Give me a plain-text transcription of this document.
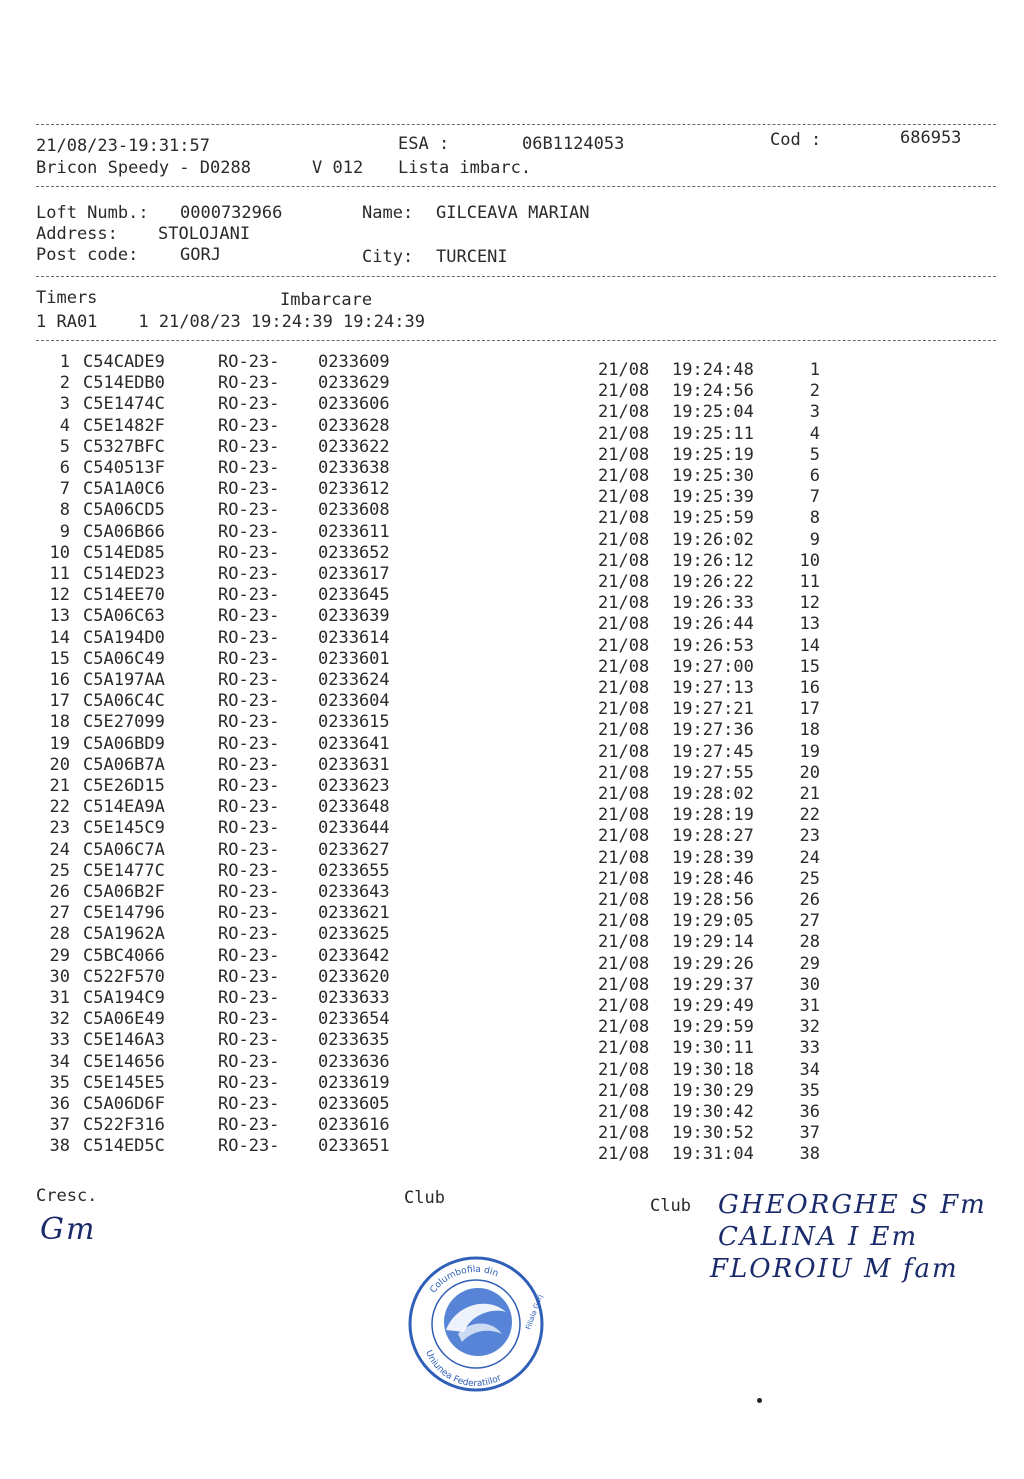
21/08/23-19:31:57	ESA :	06B1124053	Cod :	686953
Bricon Speedy - D0288	V 012 Lista imbarc.
Loft Numb.: 0000732966	Name: GILCEAVA MARIAN
Address: STOLOJANI
Post code: GORJ	City: TURCENI
Timers	Imbarcare
1 RA01    1 21/08/23 19:24:39 19:24:39
1 C54CADE9	RO-23- 0233609	21/08 19:24:48	1
2 C514EDB0	RO-23- 0233629	21/08 19:24:56	2
3 C5E1474C	RO-23- 0233606	21/08 19:25:04	3
4 C5E1482F	RO-23- 0233628	21/08 19:25:11	4
5 C5327BFC	RO-23- 0233622	21/08 19:25:19	5
6 C540513F	RO-23- 0233638	21/08 19:25:30	6
7 C5A1A0C6	RO-23- 0233612	21/08 19:25:39	7
8 C5A06CD5	RO-23- 0233608	21/08 19:25:59	8
9 C5A06B66	RO-23- 0233611	21/08 19:26:02	9
10 C514ED85	RO-23- 0233652	21/08 19:26:12	10
11 C514ED23	RO-23- 0233617	21/08 19:26:22	11
12 C514EE70	RO-23- 0233645	21/08 19:26:33	12
13 C5A06C63	RO-23- 0233639	21/08 19:26:44	13
14 C5A194D0	RO-23- 0233614	21/08 19:26:53	14
15 C5A06C49	RO-23- 0233601	21/08 19:27:00	15
16 C5A197AA	RO-23- 0233624	21/08 19:27:13	16
17 C5A06C4C	RO-23- 0233604	21/08 19:27:21	17
18 C5E27099	RO-23- 0233615	21/08 19:27:36	18
19 C5A06BD9	RO-23- 0233641	21/08 19:27:45	19
20 C5A06B7A	RO-23- 0233631	21/08 19:27:55	20
21 C5E26D15	RO-23- 0233623	21/08 19:28:02	21
22 C514EA9A	RO-23- 0233648	21/08 19:28:19	22
23 C5E145C9	RO-23- 0233644	21/08 19:28:27	23
24 C5A06C7A	RO-23- 0233627	21/08 19:28:39	24
25 C5E1477C	RO-23- 0233655	21/08 19:28:46	25
26 C5A06B2F	RO-23- 0233643	21/08 19:28:56	26
27 C5E14796	RO-23- 0233621	21/08 19:29:05	27
28 C5A1962A	RO-23- 0233625	21/08 19:29:14	28
29 C5BC4066	RO-23- 0233642	21/08 19:29:26	29
30 C522F570	RO-23- 0233620	21/08 19:29:37	30
31 C5A194C9	RO-23- 0233633	21/08 19:29:49	31
32 C5A06E49	RO-23- 0233654	21/08 19:29:59	32
33 C5E146A3	RO-23- 0233635	21/08 19:30:11	33
34 C5E14656	RO-23- 0233636	21/08 19:30:18	34
35 C5E145E5	RO-23- 0233619	21/08 19:30:29	35
36 C5A06D6F	RO-23- 0233605	21/08 19:30:42	36
37 C522F316	RO-23- 0233616	21/08 19:30:52	37
38 C514ED5C	RO-23- 0233651	21/08 19:31:04	38
Cresc.	Club	Club
Gm
GHEORGHE S Fm
CALINA I Em
FLOROIU M fam
Columbofila din
Uniunea Federatiilor
Filiala Gorj
